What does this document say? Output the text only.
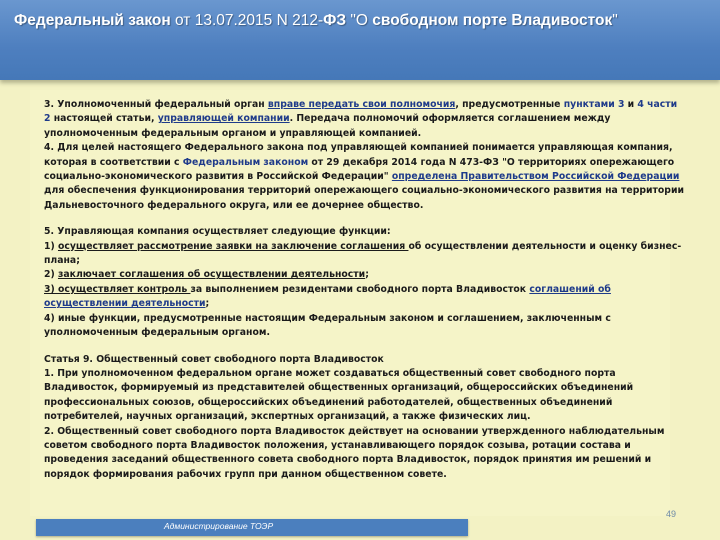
Федеральный закон от 13.07.2015 N 212-ФЗ "О свободном порте Владивосток"

3. Уполномоченный федеральный орган вправе передать свои полномочия, предусмотренные пунктами 3 и 4 части 2 настоящей статьи, управляющей компании. Передача полномочий оформляется соглашением между уполномоченным федеральным органом и управляющей компанией.

4. Для целей настоящего Федерального закона под управляющей компанией понимается управляющая компания, которая в соответствии с Федеральным законом от 29 декабря 2014 года N 473-ФЗ "О территориях опережающего социально-экономического развития в Российской Федерации" определена Правительством Российской Федерации для обеспечения функционирования территорий опережающего социально-экономического развития на территории Дальневосточного федерального округа, или ее дочернее общество.

5. Управляющая компания осуществляет следующие функции:

1) осуществляет рассмотрение заявки на заключение соглашения об осуществлении деятельности и оценку бизнес-плана;

2) заключает соглашения об осуществлении деятельности;

3) осуществляет контроль за выполнением резидентами свободного порта Владивосток соглашений об осуществлении деятельности;

4) иные функции, предусмотренные настоящим Федеральным законом и соглашением, заключенным с уполномоченным федеральным органом.

Статья 9. Общественный совет свободного порта Владивосток

1. При уполномоченном федеральном органе может создаваться общественный совет свободного порта Владивосток, формируемый из представителей общественных организаций, общероссийских объединений профессиональных союзов, общероссийских объединений работодателей, общественных объединений потребителей, научных организаций, экспертных организаций, а также физических лиц.

2. Общественный совет свободного порта Владивосток действует на основании утвержденного наблюдательным советом свободного порта Владивосток положения, устанавливающего порядок созыва, ротации состава и проведения заседаний общественного совета свободного порта Владивосток, порядок принятия им решений и порядок формирования рабочих групп при данном общественном совете.

49
Администрирование ТОЭР
